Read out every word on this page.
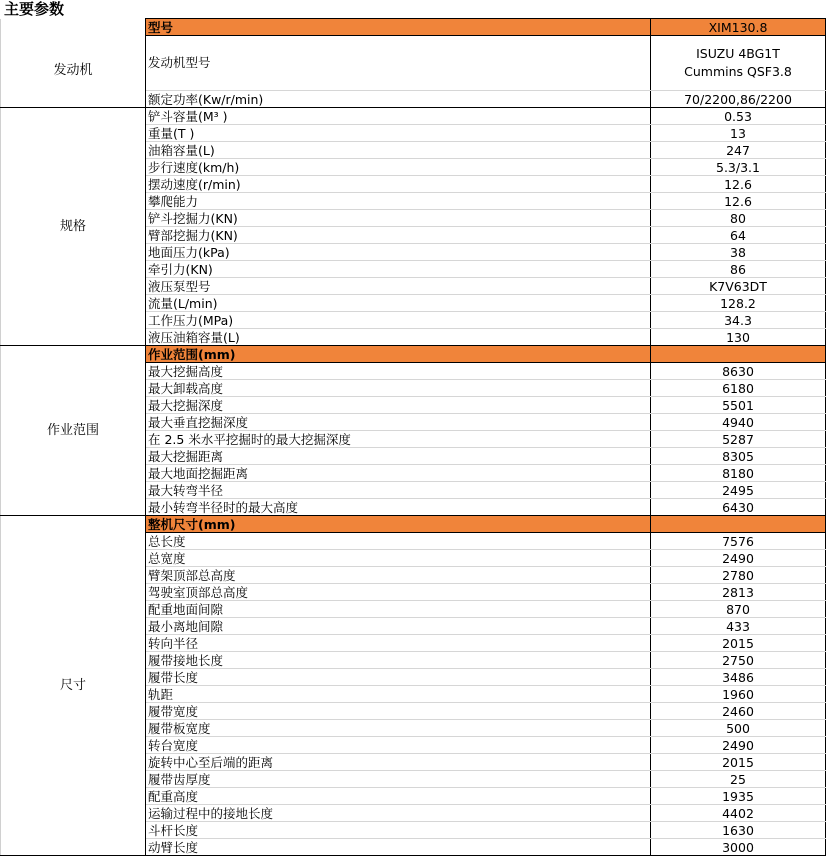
主要参数
	型号	XIM130.8
发动机	发动机型号	ISUZU 4BG1T
Cummins QSF3.8

	额定功率(Kw/r/min)	70/2200,86/2200
规格	铲斗容量(M³ )	0.53
	重量(T )	13
	油箱容量(L)	247
	步行速度(km/h)	5.3/3.1
	摆动速度(r/min)	12.6
	攀爬能力	12.6
	铲斗挖掘力(KN)	80
	臂部挖掘力(KN)	64
	地面压力(kPa)	38
	牵引力(KN)	86
	液压泵型号	K7V63DT
	流量(L/min)	128.2
	工作压力(MPa)	34.3
	液压油箱容量(L)	130
作业范围	作业范围(mm)	
	最大挖掘高度	8630
	最大卸载高度	6180
	最大挖掘深度	5501
	最大垂直挖掘深度	4940
	在 2.5 米水平挖掘时的最大挖掘深度	5287
	最大挖掘距离	8305
	最大地面挖掘距离	8180
	最大转弯半径	2495
	最小转弯半径时的最大高度	6430
尺寸	整机尺寸(mm)	
	总长度	7576
	总宽度	2490
	臂架顶部总高度	2780
	驾驶室顶部总高度	2813
	配重地面间隙	870
	最小离地间隙	433
	转向半径	2015
	履带接地长度	2750
	履带长度	3486
	轨距	1960
	履带宽度	2460
	履带板宽度	500
	转台宽度	2490
	旋转中心至后端的距离	2015
	履带齿厚度	25
	配重高度	1935
	运输过程中的接地长度	4402
	斗杆长度	1630
	动臂长度	3000
